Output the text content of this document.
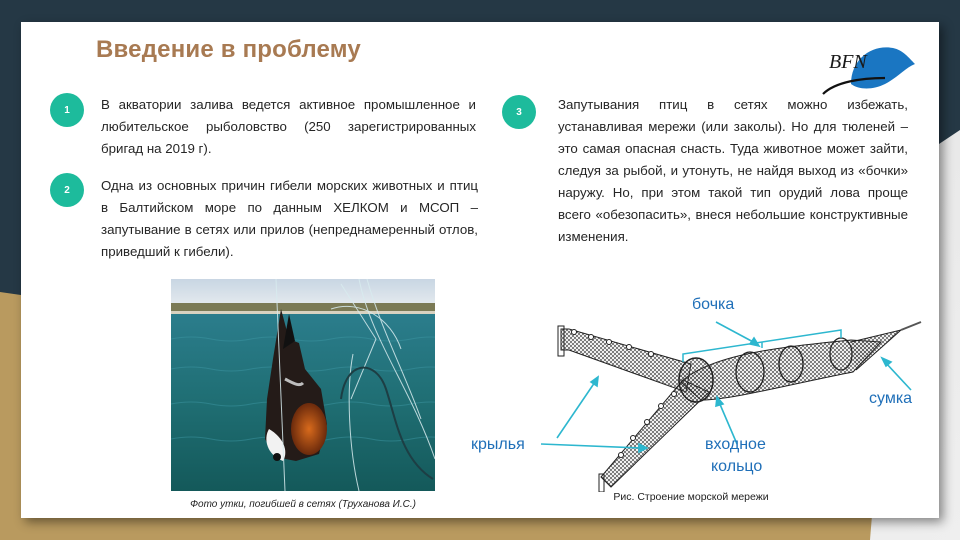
Введение в проблему	BFN
1	В акватории залива ведется активное промышленное и любительское рыболовство (250 зарегистрированных бригад на 2019 г).
2	Одна из основных причин гибели морских животных и птиц в Балтийском море по данным ХЕЛКОМ и МСОП – запутывание в сетях или прилов (непреднамеренный отлов, приведший к гибели).
3	Запутывания птиц в сетях можно избежать, устанавливая мережи (или заколы). Но для тюленей – это самая опасная снасть. Туда животное может зайти, следуя за рыбой, и утонуть, не найдя выход из «бочки» наружу. Но, при этом такой тип орудий лова проще всего «обезопасить», внеся небольшие конструктивные изменения.
Фото утки, погибшей в сетях (Труханова И.С.)
бочка
сумка
крылья	входное
кольцо
Рис. Строение морской мережи
